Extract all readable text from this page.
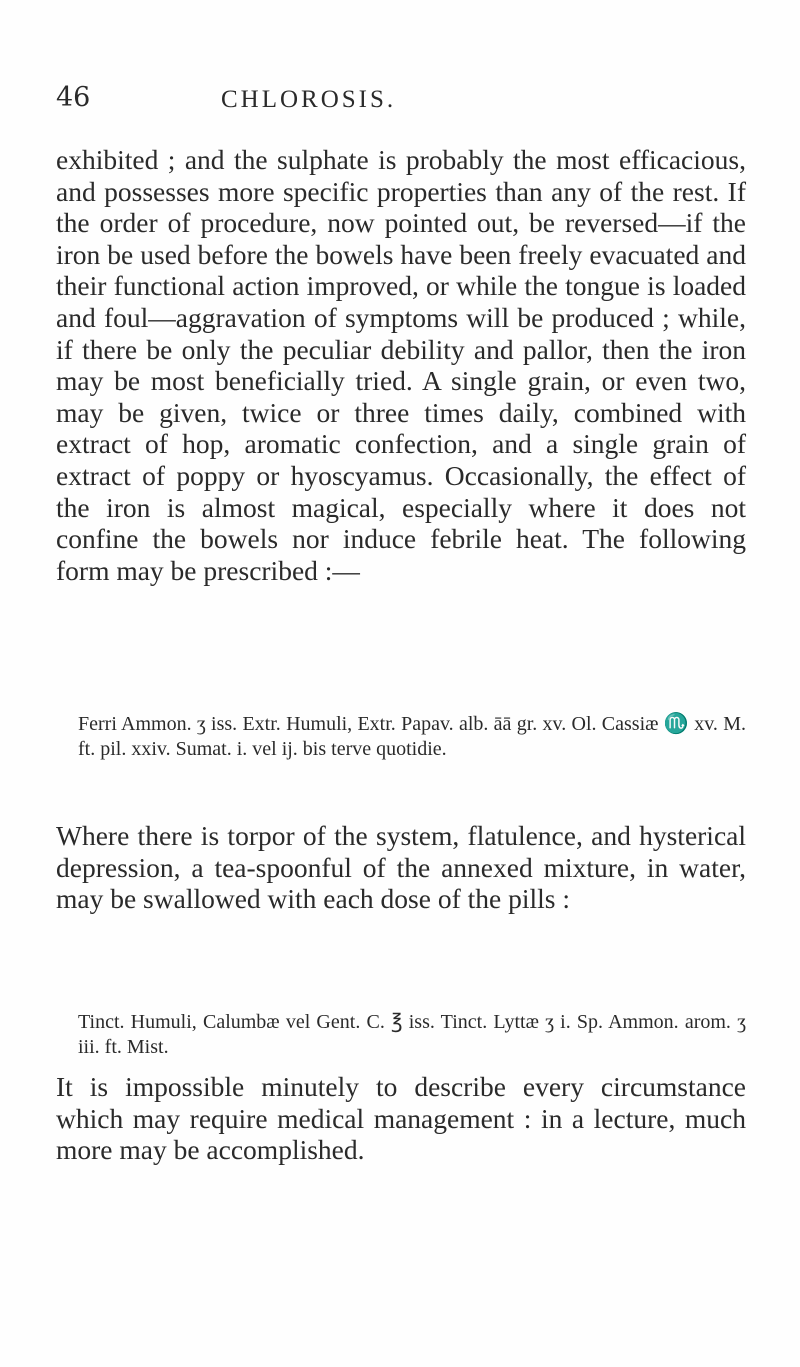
46	CHLOROSIS.

exhibited ; and the sulphate is probably the most efficacious, and possesses more specific properties than any of the rest. If the order of procedure, now pointed out, be reversed—if the iron be used before the bowels have been freely evacuated and their functional action improved, or while the tongue is loaded and foul—aggravation of symptoms will be produced ; while, if there be only the peculiar debility and pallor, then the iron may be most beneficially tried. A single grain, or even two, may be given, twice or three times daily, combined with extract of hop, aromatic confection, and a single grain of extract of poppy or hyoscyamus. Occasionally, the effect of the iron is almost magical, especially where it does not confine the bowels nor induce febrile heat. The following form may be prescribed :—

Ferri Ammon. ʒ iss. Extr. Humuli, Extr. Papav. alb. āā gr. xv. Ol. Cassiæ ♏ xv. M. ft. pil. xxiv. Sumat. i. vel ij. bis terve quotidie.

Where there is torpor of the system, flatulence, and hysterical depression, a tea-spoonful of the annexed mixture, in water, may be swallowed with each dose of the pills :

Tinct. Humuli, Calumbæ vel Gent. C. ℥ iss. Tinct. Lyttæ ʒ i. Sp. Ammon. arom. ʒ iii. ft. Mist.

It is impossible minutely to describe every circumstance which may require medical management : in a lecture, much more may be accomplished.
